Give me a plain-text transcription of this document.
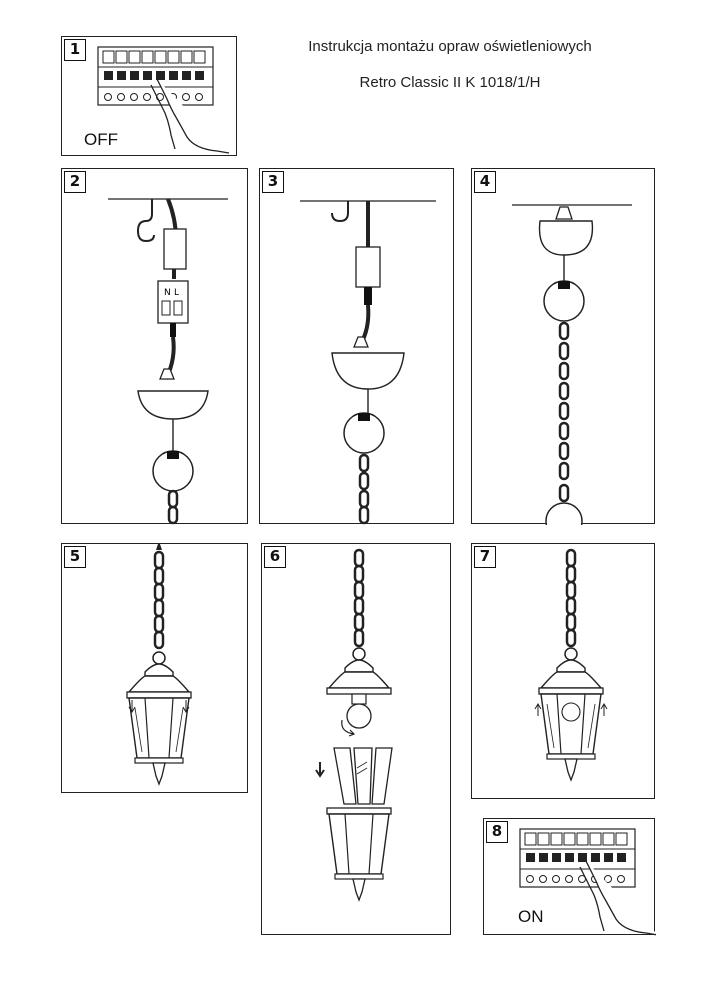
Instrukcja montażu opraw oświetleniowych
Retro Classic II K 1018/1/H
1
OFF
2
N L
3	4
5	6	7
8
ON
